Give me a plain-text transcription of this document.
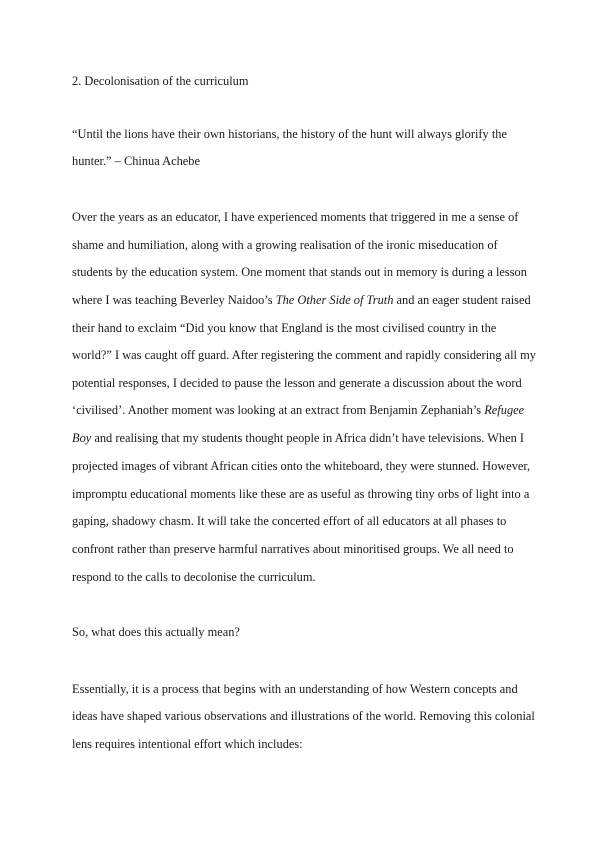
2. Decolonisation of the curriculum

“Until the lions have their own historians, the history of the hunt will always glorify the

hunter.” – Chinua Achebe

Over the years as an educator, I have experienced moments that triggered in me a sense of

shame and humiliation, along with a growing realisation of the ironic miseducation of

students by the education system. One moment that stands out in memory is during a lesson

where I was teaching Beverley Naidoo’s The Other Side of Truth and an eager student raised

their hand to exclaim “Did you know that England is the most civilised country in the

world?” I was caught off guard. After registering the comment and rapidly considering all my

potential responses, I decided to pause the lesson and generate a discussion about the word

‘civilised’. Another moment was looking at an extract from Benjamin Zephaniah’s Refugee

Boy and realising that my students thought people in Africa didn’t have televisions. When I

projected images of vibrant African cities onto the whiteboard, they were stunned. However,

impromptu educational moments like these are as useful as throwing tiny orbs of light into a

gaping, shadowy chasm. It will take the concerted effort of all educators at all phases to

confront rather than preserve harmful narratives about minoritised groups. We all need to

respond to the calls to decolonise the curriculum.

So, what does this actually mean?

Essentially, it is a process that begins with an understanding of how Western concepts and

ideas have shaped various observations and illustrations of the world. Removing this colonial

lens requires intentional effort which includes:
